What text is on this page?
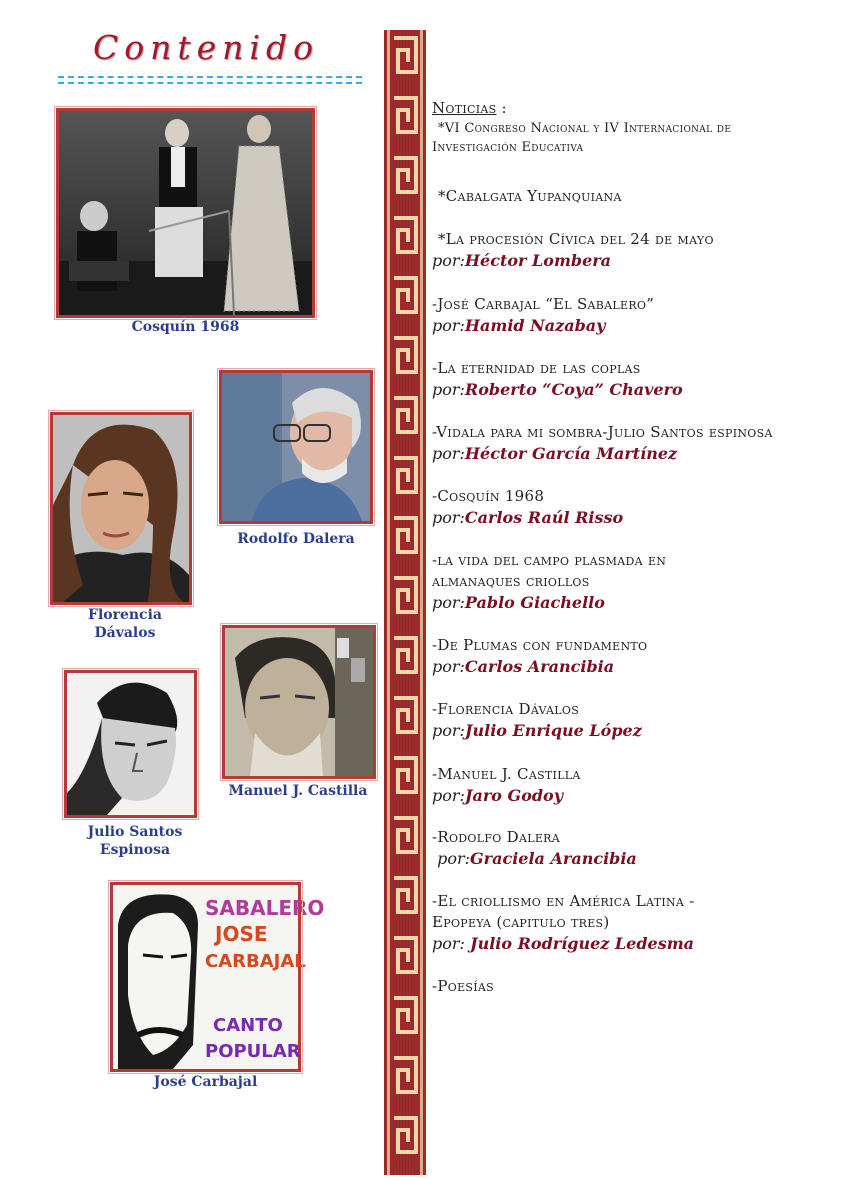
Contenido
Cosquín 1968
Rodolfo Dalera
Florencia
Dávalos
Manuel J. Castilla
Julio Santos
Espinosa
SABALERO
JOSE
CARBAJAL
CANTO
POPULAR
José Carbajal
Noticias :
*VI Congreso Nacional y IV Internacional de
Investigación Educativa
*Cabalgata Yupanquiana
*La procesión Cívica del 24 de mayo
por:Héctor Lombera
-José Carbajal “El Sabalero”
por:Hamid Nazabay
-La eternidad de las coplas
por:Roberto “Coya” Chavero
-Vidala para mi sombra-Julio Santos espinosa
por:Héctor García Martínez
-Cosquín 1968
por:Carlos Raúl Risso
-la vida del campo plasmada en
almanaques criollos
por:Pablo Giachello
-De Plumas con fundamento
por:Carlos Arancibia
-Florencia Dávalos
por:Julio Enrique López
-Manuel J. Castilla
por:Jaro Godoy
-Rodolfo Dalera
por:Graciela Arancibia
-El criollismo en América Latina -
Epopeya (capitulo tres)
por: Julio Rodríguez Ledesma
-Poesías
